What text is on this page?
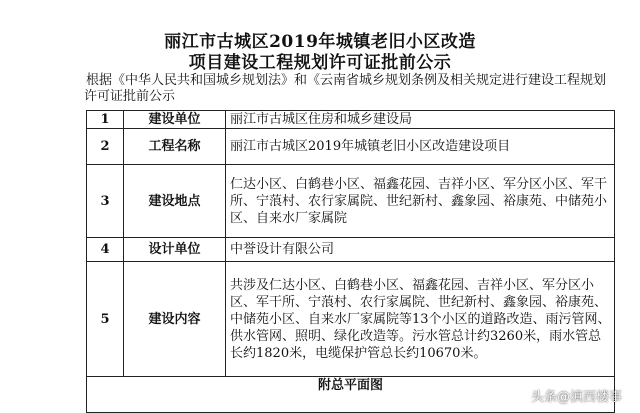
丽江市古城区2019年城镇老旧小区改造
项目建设工程规划许可证批前公示
根据《中华人民共和国城乡规划法》和《云南省城乡规划条例及相关规定进行建设工程规划
许可证批前公示
1	建设单位	丽江市古城区住房和城乡建设局
2	工程名称	丽江市古城区2019年城镇老旧小区改造建设项目
3	建设地点	仁达小区、白鹤巷小区、福鑫花园、吉祥小区、军分区小区、军干所、宁蒗村、农行家属院、世纪新村、鑫象园、裕康苑、中储苑小区、自来水厂家属院
4	设计单位	中誉设计有限公司
5	建设内容	共涉及仁达小区、白鹤巷小区、福鑫花园、吉祥小区、军分区小区、军干所、宁蒗村、农行家属院、世纪新村、鑫象园、裕康苑、中储苑小区、自来水厂家属院等13个小区的道路改造、雨污管网、供水管网、照明、绿化改造等。污水管总计约3260米，雨水管总长约1820米，电缆保护管总长约10670米。
附总平面图		
头条@滇西楼事
